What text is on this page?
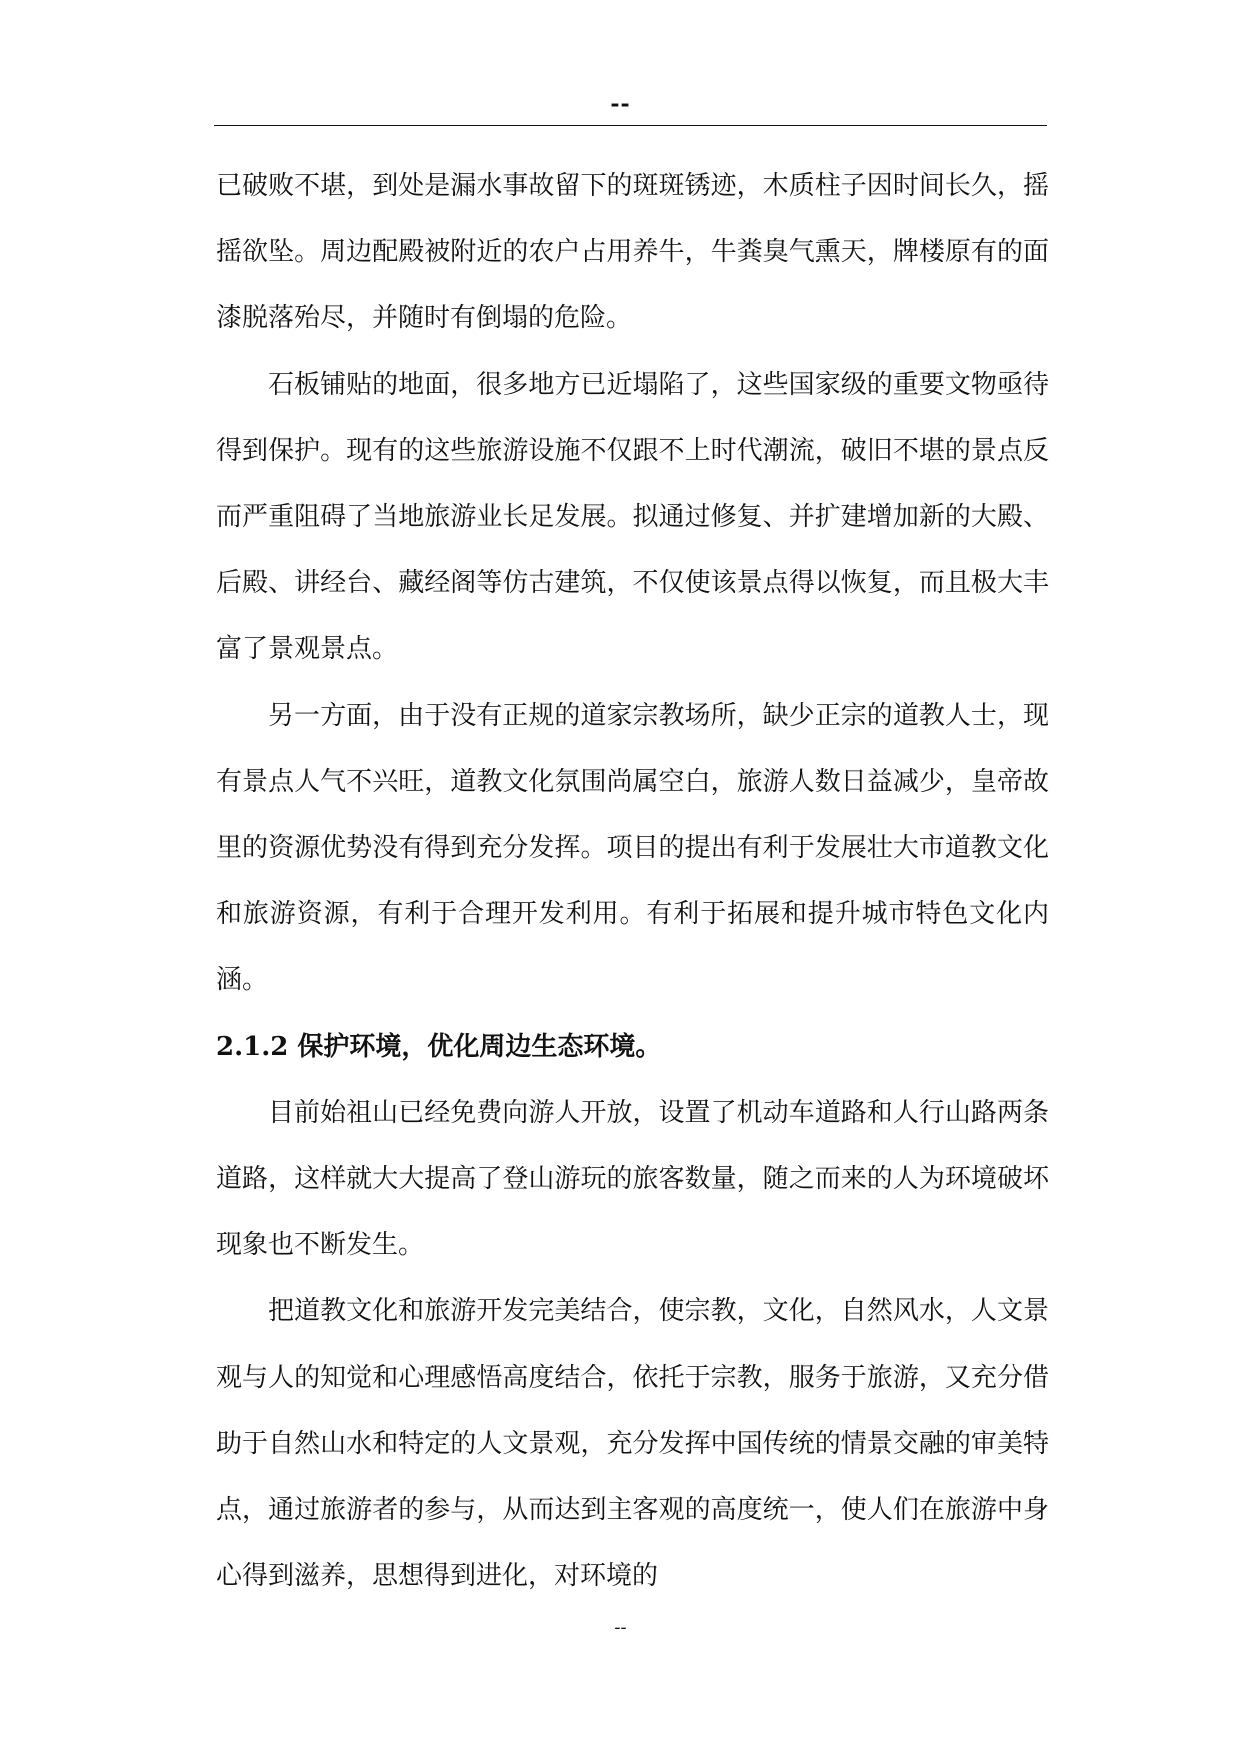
--

已破败不堪，到处是漏水事故留下的斑斑锈迹，木质柱子因时间长久，摇摇欲坠。周边配殿被附近的农户占用养牛，牛粪臭气熏天，牌楼原有的面漆脱落殆尽，并随时有倒塌的危险。

石板铺贴的地面，很多地方已近塌陷了，这些国家级的重要文物亟待得到保护。现有的这些旅游设施不仅跟不上时代潮流，破旧不堪的景点反而严重阻碍了当地旅游业长足发展。拟通过修复、并扩建增加新的大殿、后殿、讲经台、藏经阁等仿古建筑，不仅使该景点得以恢复，而且极大丰富了景观景点。

另一方面，由于没有正规的道家宗教场所，缺少正宗的道教人士，现有景点人气不兴旺，道教文化氛围尚属空白，旅游人数日益减少，皇帝故里的资源优势没有得到充分发挥。项目的提出有利于发展壮大市道教文化和旅游资源，有利于合理开发利用。有利于拓展和提升城市特色文化内涵。

2.1.2 保护环境，优化周边生态环境。

目前始祖山已经免费向游人开放，设置了机动车道路和人行山路两条道路，这样就大大提高了登山游玩的旅客数量，随之而来的人为环境破坏现象也不断发生。

把道教文化和旅游开发完美结合，使宗教，文化，自然风水，人文景观与人的知觉和心理感悟高度结合，依托于宗教，服务于旅游，又充分借助于自然山水和特定的人文景观，充分发挥中国传统的情景交融的审美特点，通过旅游者的参与，从而达到主客观的高度统一，使人们在旅游中身心得到滋养，思想得到进化，对环境的

--
